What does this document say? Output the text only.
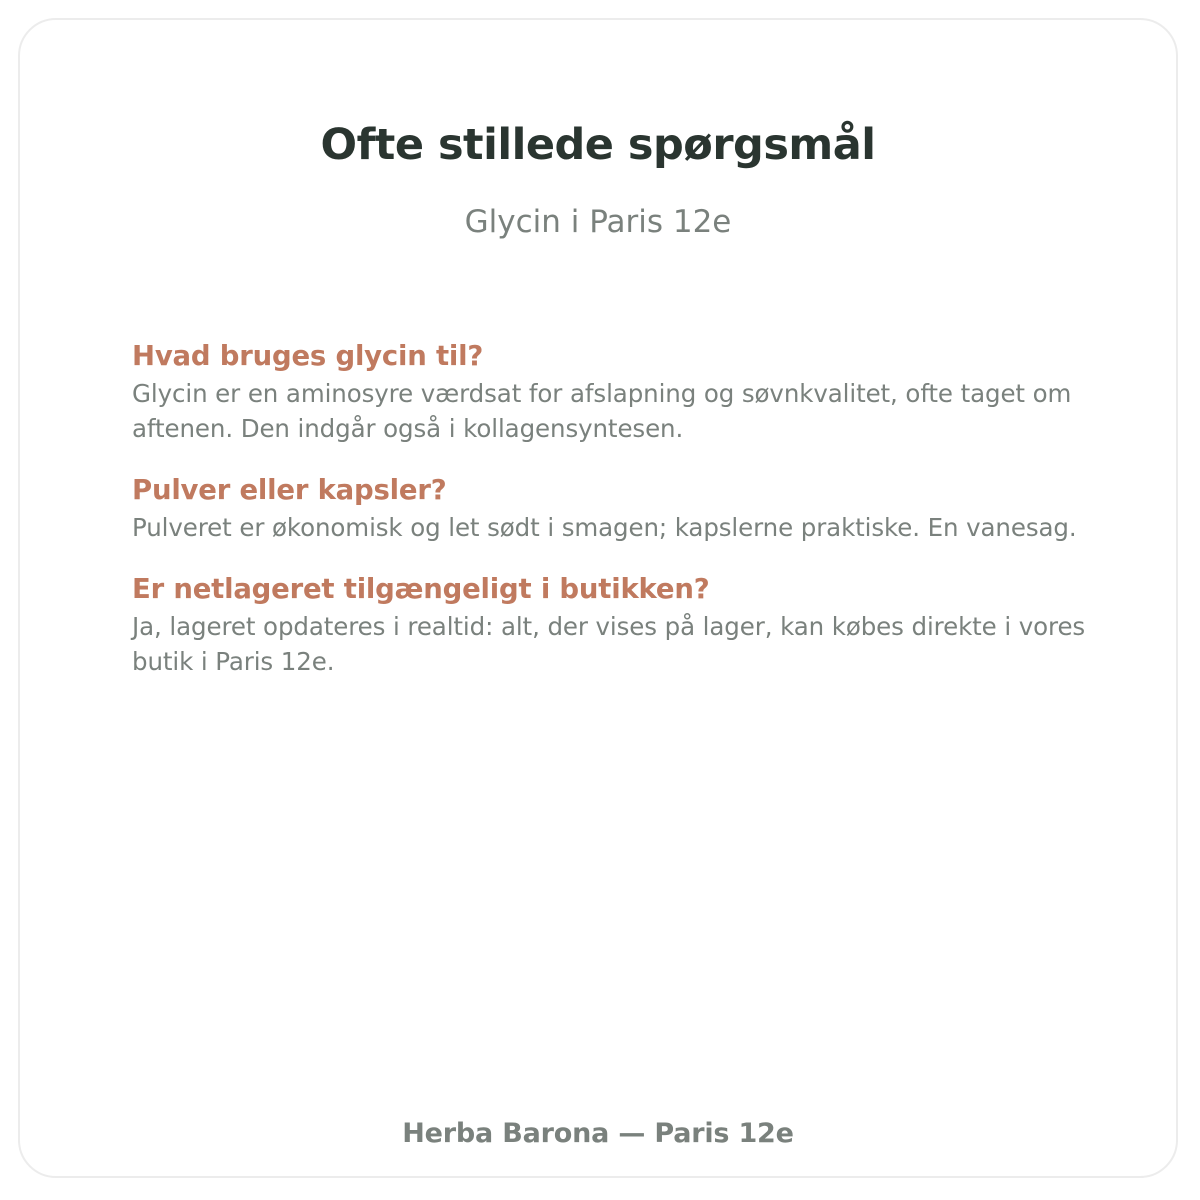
Ofte stillede spørgsmål

Glycin i Paris 12e

Hvad bruges glycin til?

Glycin er en aminosyre værdsat for afslapning og søvnkvalitet, ofte taget om aftenen. Den indgår også i kollagensyntesen.

Pulver eller kapsler?

Pulveret er økonomisk og let sødt i smagen; kapslerne praktiske. En vanesag.

Er netlageret tilgængeligt i butikken?

Ja, lageret opdateres i realtid: alt, der vises på lager, kan købes direkte i vores butik i Paris 12e.

Herba Barona — Paris 12e
